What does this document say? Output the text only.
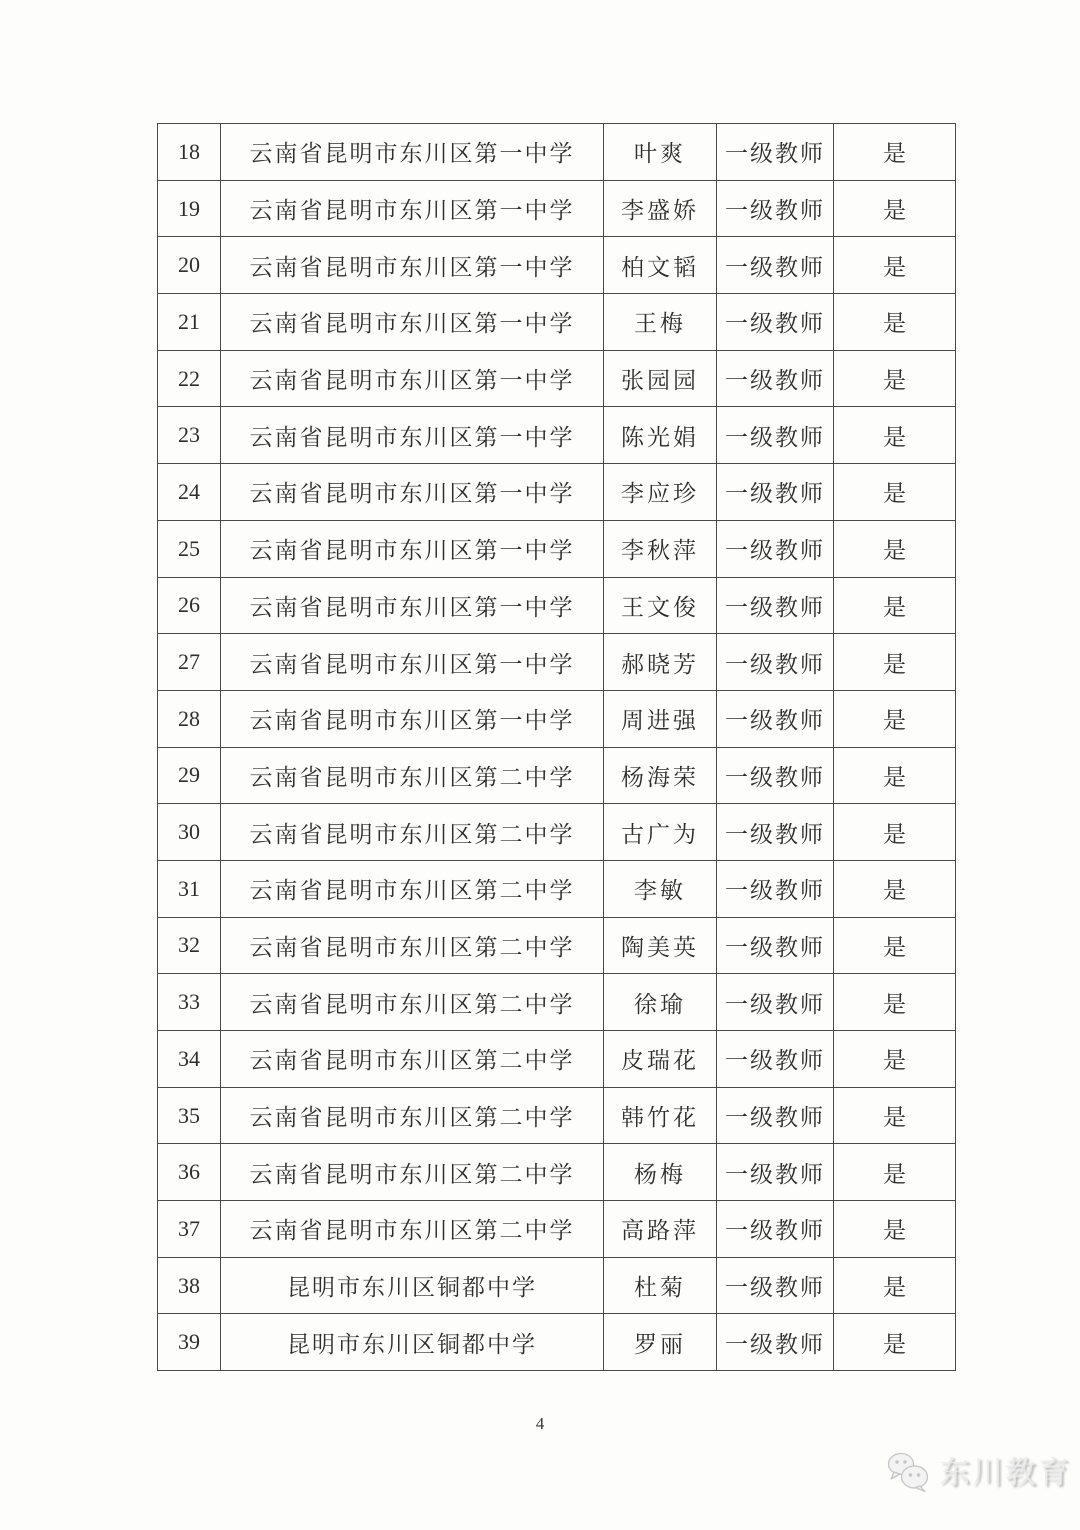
18	云南省昆明市东川区第一中学	叶爽	一级教师	是
19	云南省昆明市东川区第一中学	李盛娇	一级教师	是
20	云南省昆明市东川区第一中学	柏文韬	一级教师	是
21	云南省昆明市东川区第一中学	王梅	一级教师	是
22	云南省昆明市东川区第一中学	张园园	一级教师	是
23	云南省昆明市东川区第一中学	陈光娟	一级教师	是
24	云南省昆明市东川区第一中学	李应珍	一级教师	是
25	云南省昆明市东川区第一中学	李秋萍	一级教师	是
26	云南省昆明市东川区第一中学	王文俊	一级教师	是
27	云南省昆明市东川区第一中学	郝晓芳	一级教师	是
28	云南省昆明市东川区第一中学	周进强	一级教师	是
29	云南省昆明市东川区第二中学	杨海荣	一级教师	是
30	云南省昆明市东川区第二中学	古广为	一级教师	是
31	云南省昆明市东川区第二中学	李敏	一级教师	是
32	云南省昆明市东川区第二中学	陶美英	一级教师	是
33	云南省昆明市东川区第二中学	徐瑜	一级教师	是
34	云南省昆明市东川区第二中学	皮瑞花	一级教师	是
35	云南省昆明市东川区第二中学	韩竹花	一级教师	是
36	云南省昆明市东川区第二中学	杨梅	一级教师	是
37	云南省昆明市东川区第二中学	高路萍	一级教师	是
38	昆明市东川区铜都中学	杜菊	一级教师	是
39	昆明市东川区铜都中学	罗丽	一级教师	是
4
东川教育
